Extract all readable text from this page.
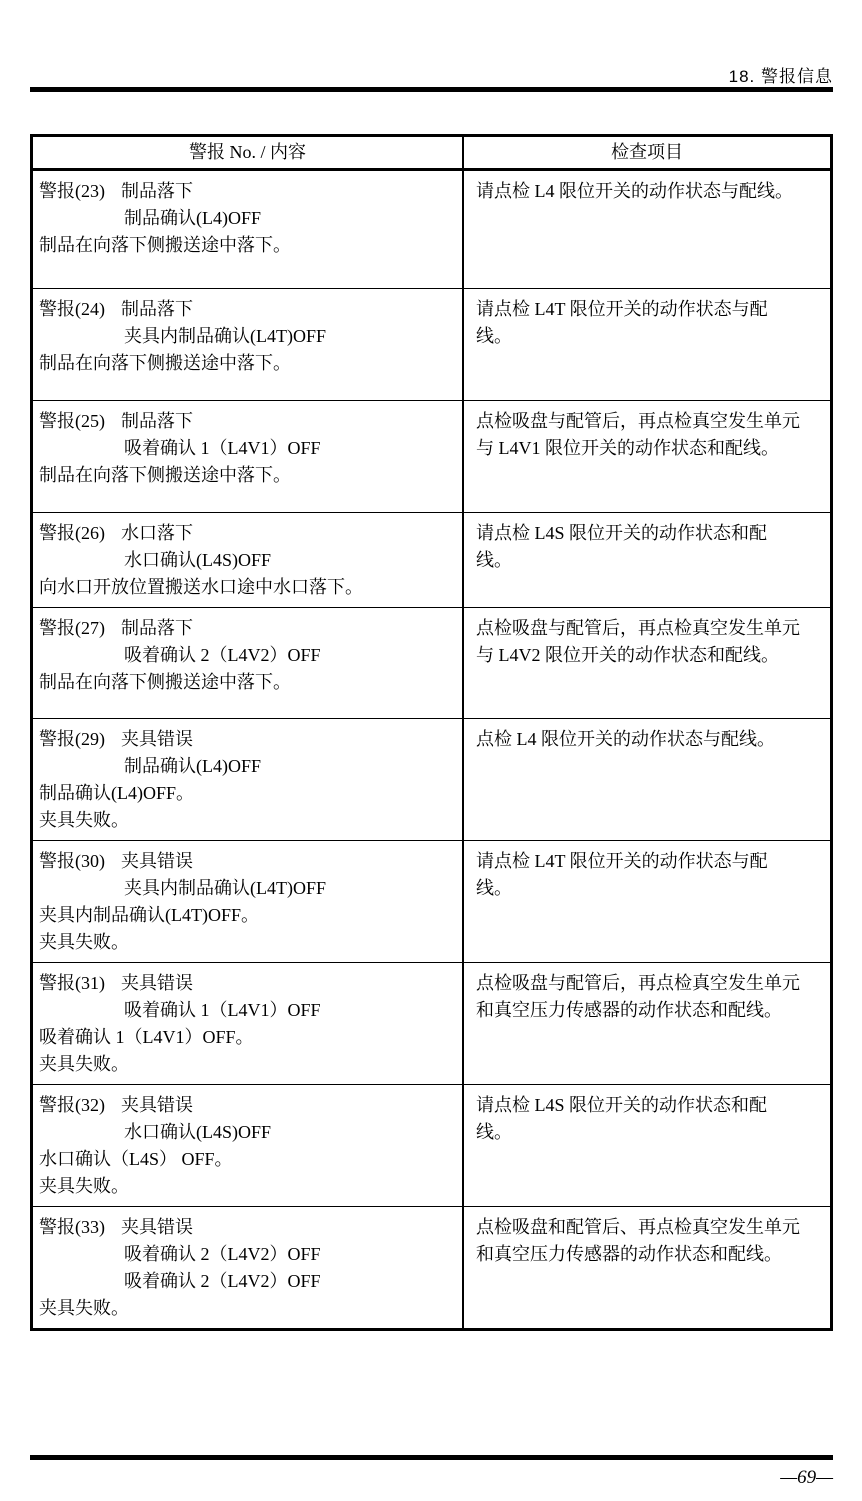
18. 警报信息
警报 No. / 内容	检查项目
警报(23) 制品落下
制品确认(L4)OFF
制品在向落下侧搬送途中落下。
请点检 L4 限位开关的动作状态与配线。
警报(24) 制品落下
夹具内制品确认(L4T)OFF
制品在向落下侧搬送途中落下。
请点检 L4T 限位开关的动作状态与配线。
警报(25) 制品落下
吸着确认 1（L4V1）OFF
制品在向落下侧搬送途中落下。
点检吸盘与配管后，再点检真空发生单元与 L4V1 限位开关的动作状态和配线。
警报(26) 水口落下
水口确认(L4S)OFF
向水口开放位置搬送水口途中水口落下。
请点检 L4S 限位开关的动作状态和配线。
警报(27) 制品落下
吸着确认 2（L4V2）OFF
制品在向落下侧搬送途中落下。
点检吸盘与配管后，再点检真空发生单元与 L4V2 限位开关的动作状态和配线。
警报(29) 夹具错误
制品确认(L4)OFF
制品确认(L4)OFF。
夹具失败。
点检 L4 限位开关的动作状态与配线。
警报(30) 夹具错误
夹具内制品确认(L4T)OFF
夹具内制品确认(L4T)OFF。
夹具失败。
请点检 L4T 限位开关的动作状态与配线。
警报(31) 夹具错误
吸着确认 1（L4V1）OFF
吸着确认 1（L4V1）OFF。
夹具失败。
点检吸盘与配管后，再点检真空发生单元和真空压力传感器的动作状态和配线。
警报(32) 夹具错误
水口确认(L4S)OFF
水口确认（L4S） OFF。
夹具失败。
请点检 L4S 限位开关的动作状态和配线。
警报(33) 夹具错误
吸着确认 2（L4V2）OFF
吸着确认 2（L4V2）OFF
夹具失败。
点检吸盘和配管后、再点检真空发生单元和真空压力传感器的动作状态和配线。
—69—
